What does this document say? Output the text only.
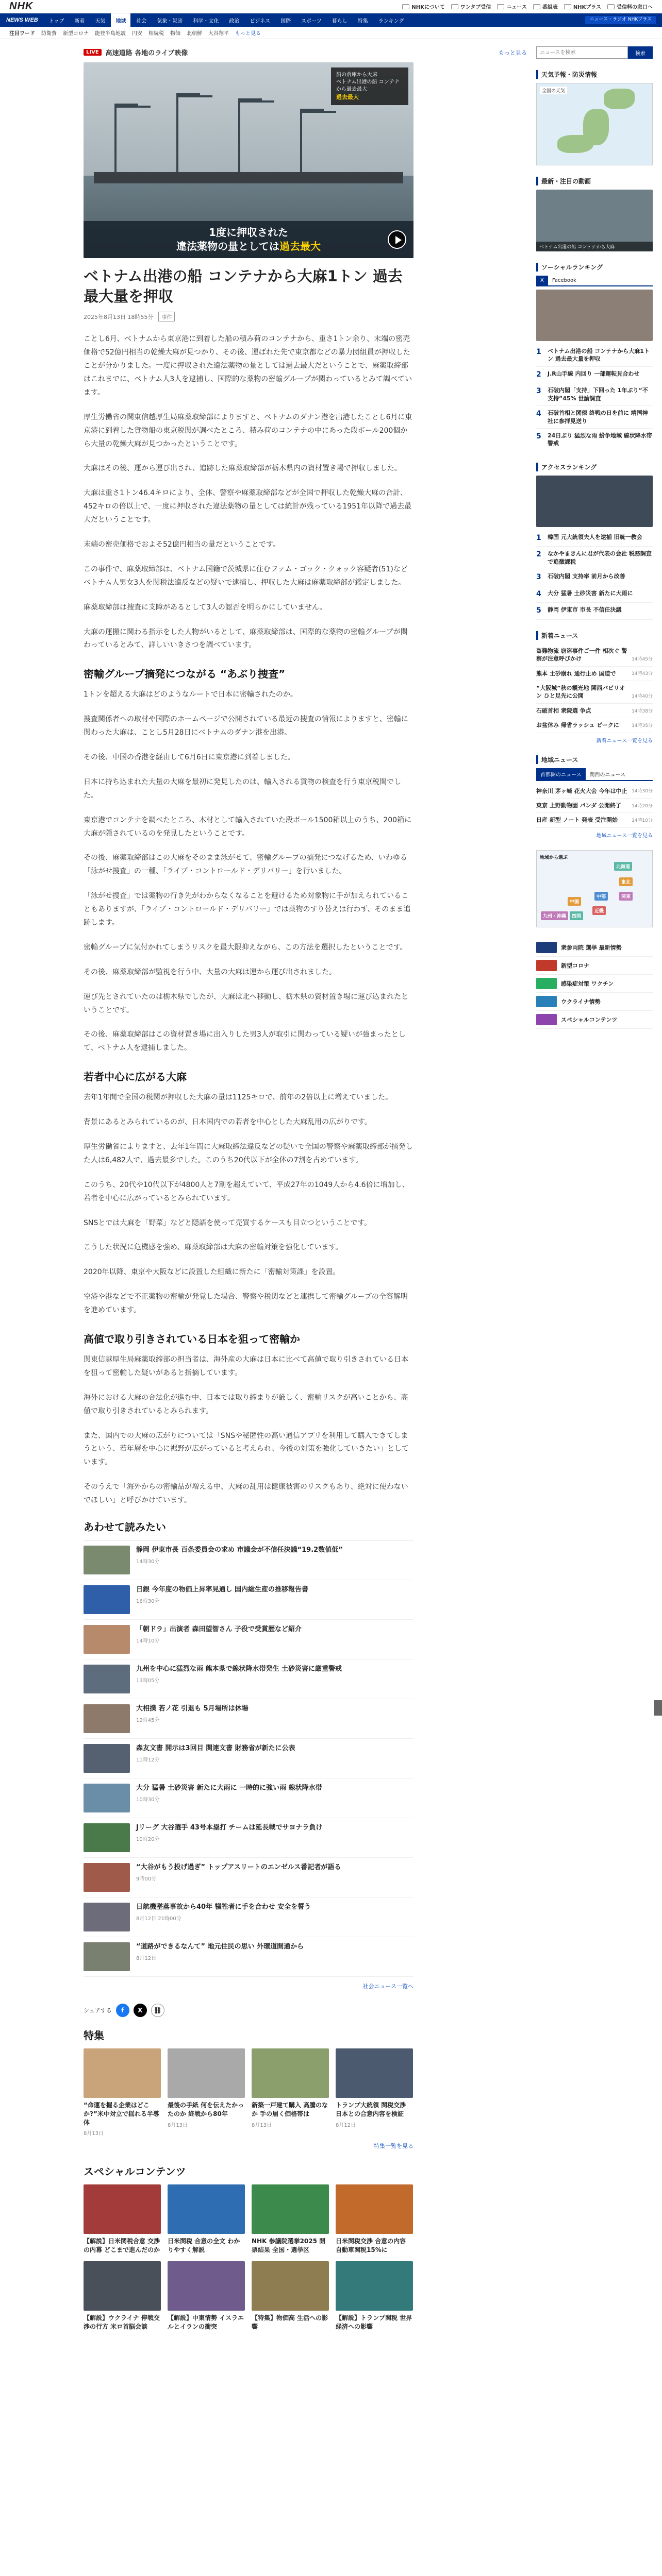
NHK	NHKについて	ワンタブ受信	ニュース	番組表	NHKプラス	受信料の窓口へ
NEWS WEB	トップ	新着	天気	地域	社会	気象・災害	科学・文化	政治	ビジネス	国際	スポーツ	暮らし	特集	ランキング	ニュース・ラジオ NHKプラス
注目ワード 防衛費 新型コロナ 能登半島地震 円安 相続税 物価 北朝鮮 大谷翔平 もっと見る
LIVE	高速道路 各地のライブ映像	もっと見る
船の倉庫から大麻
ベトナム出港の船 コンテナから過去最大
過去最大
1度に押収された
違法薬物の量としては過去最大
ベトナム出港の船 コンテナから大麻1トン 過去最大量を押収
2025年8月13日 18時55分	事件

ことし6月、ベトナムから東京港に到着した船の積み荷のコンテナから、重さ1トン余り、末端の密売価格で52億円相当の乾燥大麻が見つかり、その後、運ばれた先で東京都などの暴力団組員が押収したことが分かりました。一度に押収された違法薬物の量としては過去最大だということで、麻薬取締部はこれまでに、ベトナム人3人を逮捕し、国際的な薬物の密輸グループが関わっているとみて調べています。

厚生労働省の関東信越厚生局麻薬取締部によりますと、ベトナムのダナン港を出港したことし6月に東京港に到着した貨物船の東京税関が調べたところ、積み荷のコンテナの中にあった段ボール200個から大量の乾燥大麻が見つかったということです。

大麻はその後、運から運び出され、追跡した麻薬取締部が栃木県内の資材置き場で押収しました。

大麻は重さ1トン46.4キロにより、全体、警察や麻薬取締部などが全国で押収した乾燥大麻の合計、452キロの倍以上で、一度に押収された違法薬物の量としては統計が残っている1951年以降で過去最大だということです。

末端の密売価格でおよそ52億円相当の量だということです。

この事件で、麻薬取締部は、ベトナム国籍で茨城県に住むファム・ゴック・クォック容疑者(51)などベトナム人男女3人を関税法違反などの疑いで逮捕し、押収した大麻は麻薬取締部が鑑定しました。

麻薬取締部は捜査に支障があるとして3人の認否を明らかにしていません。

大麻の運搬に関わる指示をした人物がいるとして、麻薬取締部は、国際的な薬物の密輸グループが関わっているとみて、詳しいいきさつを調べています。

密輸グループ摘発につながる “あぶり捜査”

1トンを超える大麻はどのようなルートで日本に密輸されたのか。

捜査関係者への取材や国際のホームページで公開されている最近の捜査の情報によりますと、密輸に関わった大麻は、ことし5月28日にベトナムのダナン港を出港。

その後、中国の香港を経由して6月6日に東京港に到着しました。

日本に持ち込まれた大量の大麻を最初に発見したのは、輸入される貨物の検査を行う東京税関でした。

東京港でコンテナを調べたところ、木材として輸入されていた段ボール1500箱以上のうち、200箱に大麻が隠されているのを発見したということです。

その後、麻薬取締部はこの大麻をそのまま泳がせて、密輸グループの摘発につなげるため、いわゆる「泳がせ捜査」の一種、「ライブ・コントロールド・デリバリー」を行いました。

「泳がせ捜査」では薬物の行き先がわからなくなることを避けるため対象物に手が加えられていることもありますが、「ライブ・コントロールド・デリバリー」では薬物のすり替えは行わず、そのまま追跡します。

密輸グループに気付かれてしまうリスクを最大限抑えながら、この方法を選択したということです。

その後、麻薬取締部が監視を行う中、大量の大麻は運から運び出されました。

運び先とされていたのは栃木県でしたが、大麻は北へ移動し、栃木県の資材置き場に運び込まれたということです。

その後、麻薬取締部はこの資材置き場に出入りした男3人が取引に関わっている疑いが強まったとして、ベトナム人を逮捕しました。

若者中心に広がる大麻

去年1年間で全国の税関が押収した大麻の量は1125キロで、前年の2倍以上に増えていました。

背景にあるとみられているのが、日本国内での若者を中心とした大麻乱用の広がりです。

厚生労働省によりますと、去年1年間に大麻取締法違反などの疑いで全国の警察や麻薬取締部が摘発した人は6,482人で、過去最多でした。このうち20代以下が全体の7割を占めています。

このうち、20代や10代以下が4800人と7割を超えていて、平成27年の1049人から4.6倍に増加し、若者を中心に広がっているとみられています。

SNSとでは大麻を「野菜」などと隠語を使って売買するケースも目立つということです。

こうした状況に危機感を強め、麻薬取締部は大麻の密輸対策を強化しています。

2020年以降、東京や大阪などに設置した組織に新たに「密輸対策課」を設置。

空港や港などで不正薬物の密輸が発覚した場合、警察や税関などと連携して密輸グループの全容解明を進めています。

高値で取り引きされている日本を狙って密輸か

関東信越厚生局麻薬取締部の担当者は、海外産の大麻は日本に比べて高値で取り引きされている日本を狙って密輸した疑いがあると指摘しています。

海外における大麻の合法化が進む中、日本では取り締まりが厳しく、密輸リスクが高いことから、高値で取り引きされているとみられます。

また、国内での大麻の広がりについては「SNSや秘匿性の高い通信アプリを利用して購入できてしまうという、若年層を中心に裾野が広がっていると考えられ、今後の対策を強化していきたい」としています。

そのうえで「海外からの密輸品が増える中、大麻の乱用は健康被害のリスクもあり、絶対に使わないでほしい」と呼びかけています。

あわせて読みたい
静岡 伊東市長 百条委員会の求め 市議会が不信任決議“19.2数値低”
14時30分
日銀 今年度の物価上昇率見通し 国内総生産の推移報告書
16時30分
「朝ドラ」出演者 森田望智さん 子役で受賞歴など紹介
14時10分
九州を中心に猛烈な雨 熊本県で線状降水帯発生 土砂災害に厳重警戒
13時05分
大相撲 若ノ花 引退も 5月場所は休場
12時45分
森友文書 開示は3回目 関連文書 財務省が新たに公表
11時12分
大分 猛暑 土砂災害 新たに大雨に 一時的に強い雨 線状降水帯
10時30分
Jリーグ 大谷選手 43号本塁打 チームは延長戦でサヨナラ負け
10時20分
“大谷がもう投げ過ぎ” トップアスリートのエンゼルス番記者が語る
9時00分
日航機墜落事故から40年 犠牲者に手を合わせ 安全を誓う
8月12日 21時00分
“道路ができるなんて” 地元住民の思い 外環道開通から
8月12日
社会ニュース一覧へ
シェアする	f	X	⛓
特集
“命運を握る企業はどこか?”米中対立で揺れる半導体
8月13日
最後の手紙 何を伝えたかったのか 終戦から80年
8月13日
新築一戸建て購入 高騰のなか 手の届く価格帯は
8月13日
トランプ大統領 関税交渉 日本との合意内容を検証
8月12日
特集一覧を見る
スペシャルコンテンツ
【解説】日米関税合意 交渉の内幕 どこまで進んだのか
日米関税 合意の全文 わかりやすく解説
NHK 参議院選挙2025 開票結果 全国・選挙区
日米関税交渉 合意の内容 自動車関税15%に
【解説】ウクライナ 停戦交渉の行方 米ロ首脳会談
【解説】中東情勢 イスラエルとイランの衝突
【特集】物価高 生活への影響
【解説】トランプ関税 世界経済への影響
ニュースを検索
検索
天気予報・防災情報
全国の天気
最新・注目の動画
ベトナム出港の船 コンテナから大麻
ソーシャルランキング
X	Facebook
1	ベトナム出港の船 コンテナから大麻1トン 過去最大量を押収
2	J.R山手線 内回り 一部運転見合わせ
3	石破内閣「支持」下回った 1年ぶり“不支持”45% 世論調査
4	石破首相と閣僚 終戦の日を前に 靖国神社に参拝見送り
5	24日ぶり 猛烈な雨 紛争地域 線状降水帯 警戒
アクセスランキング
1	韓国 元大統領夫人を逮捕 旧統一教会
2	なかやまきんに君が代表の会社 税務調査で追徴課税
3	石破内閣 支持率 前月から改善
4	大分 猛暑 土砂災害 新たに大雨に
5	静岡 伊東市 市長 不信任決議
新着ニュース
盗難物流 窃盗事件ご一件 相次ぐ 警察が注意呼びかけ	14時45分
熊本 土砂崩れ 通行止め 国道で	14時43分
“大阪城”秋の観光地 関西パビリオン ひと足先に公開	14時40分
石破首相 衆院選 争点	14時38分
お盆休み 帰省ラッシュ ピークに	14時35分
新着ニュース一覧を見る
地域ニュース
首都圏のニュース	関西のニュース
神奈川 茅ヶ崎 花火大会 今年は中止 14時30分
東京 上野動物園 パンダ 公開終了	14時20分
日産 新型 ノート 発表 受注開始	14時10分
地域ニュース一覧を見る
地域から選ぶ
北海道
東北
関東
中部
近畿
中国
四国
九州・沖縄
衆参両院 選挙 最新情勢
新型コロナ
感染症対策 ワクチン
ウクライナ情勢
スペシャルコンテンツ
